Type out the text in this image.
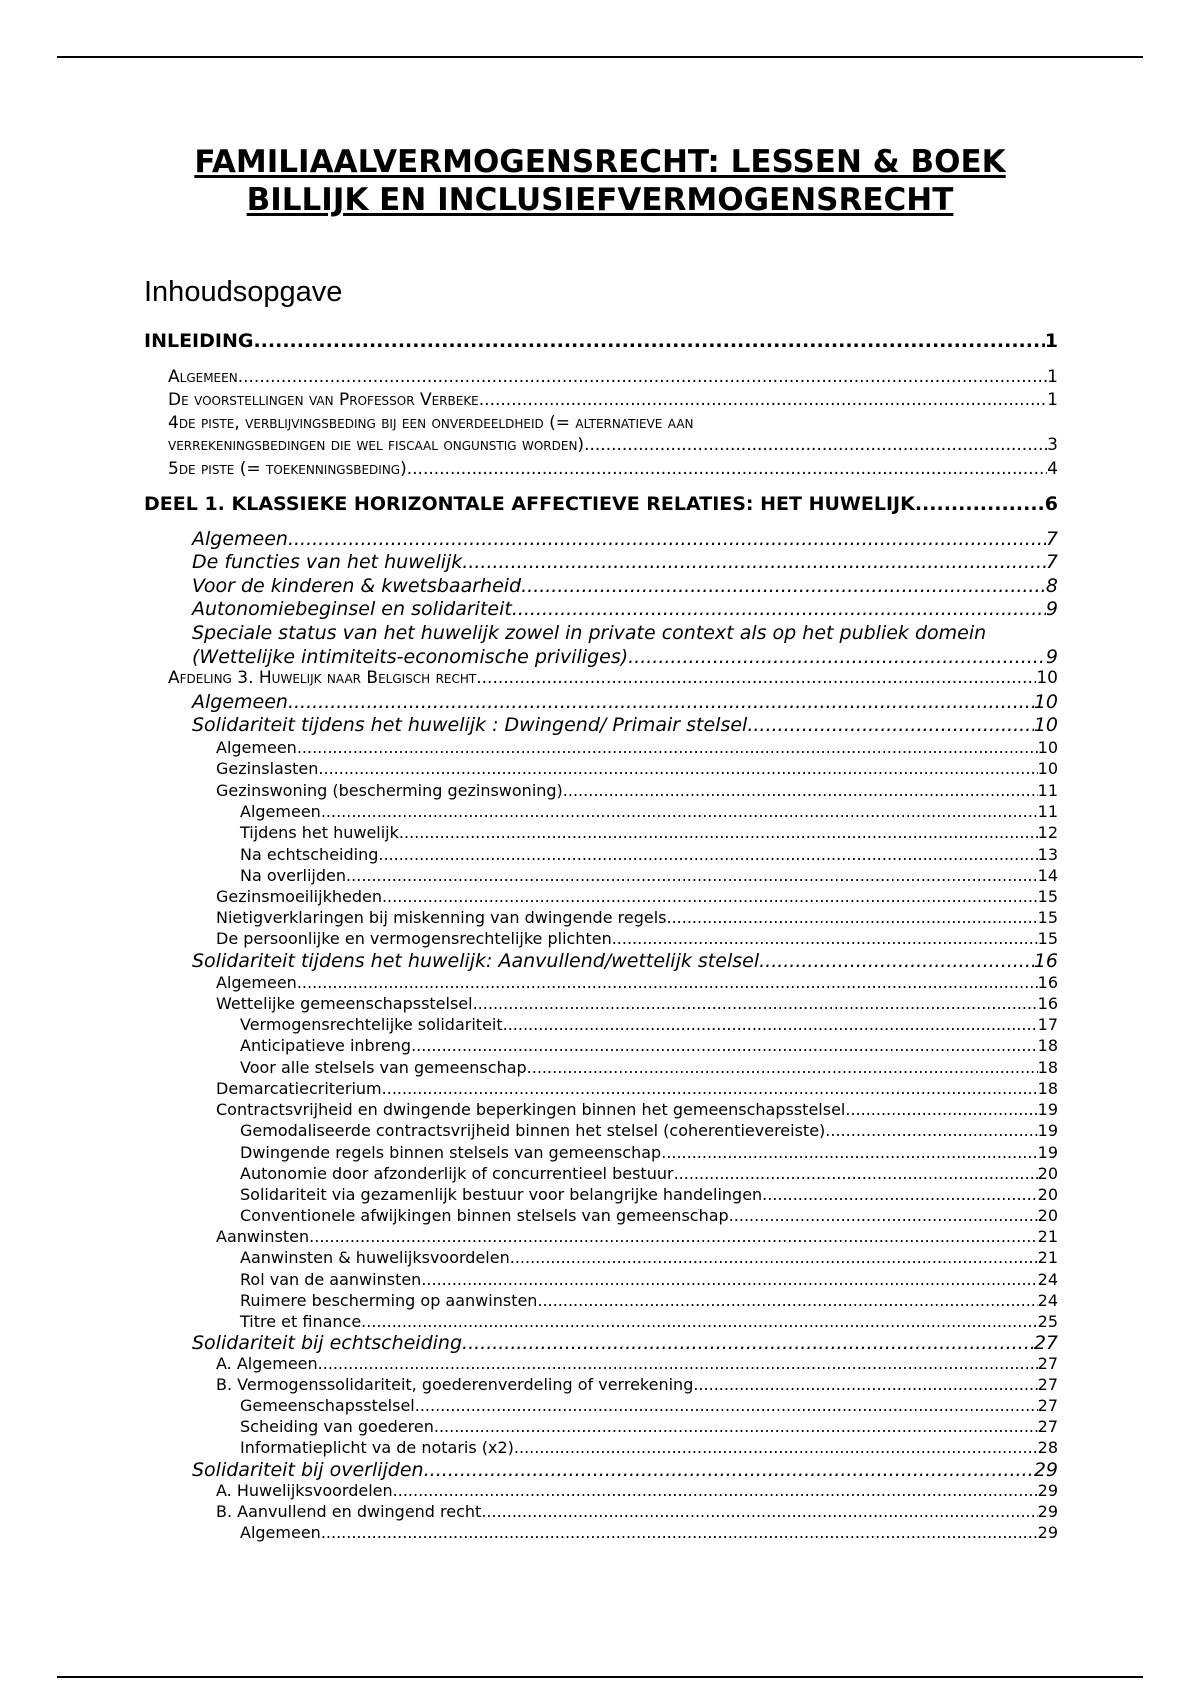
FAMILIAALVERMOGENSRECHT: LESSEN & BOEK
BILLIJK EN INCLUSIEFVERMOGENSRECHT
Inhoudsopgave
INLEIDING .....	1
Algemeen .....	1
De voorstellingen van Professor Verbeke .....	1
4de piste, verblijvingsbeding bij een onverdeeldheid (= alternatieve aan
verrekeningsbedingen die wel fiscaal ongunstig worden) .....	3
5de piste (= toekenningsbeding) .....	4
DEEL 1. KLASSIEKE HORIZONTALE AFFECTIEVE RELATIES: HET HUWELIJK .....	6
Algemeen .....	7
De functies van het huwelijk .....	7
Voor de kinderen & kwetsbaarheid .....	8
Autonomiebeginsel en solidariteit .....	9
Speciale status van het huwelijk zowel in private context als op het publiek domein
(Wettelijke intimiteits-economische priviliges) .....	9
Afdeling 3. Huwelijk naar Belgisch recht .....	10
Algemeen .....	10
Solidariteit tijdens het huwelijk : Dwingend/ Primair stelsel .....	10
Algemeen .....	10
Gezinslasten .....	10
Gezinswoning (bescherming gezinswoning) .....	11
Algemeen .....	11
Tijdens het huwelijk .....	12
Na echtscheiding .....	13
Na overlijden .....	14
Gezinsmoeilijkheden .....	15
Nietigverklaringen bij miskenning van dwingende regels .....	15
De persoonlijke en vermogensrechtelijke plichten .....	15
Solidariteit tijdens het huwelijk: Aanvullend/wettelijk stelsel .....	16
Algemeen .....	16
Wettelijke gemeenschapsstelsel .....	16
Vermogensrechtelijke solidariteit .....	17
Anticipatieve inbreng .....	18
Voor alle stelsels van gemeenschap .....	18
Demarcatiecriterium .....	18
Contractsvrijheid en dwingende beperkingen binnen het gemeenschapsstelsel .....	19
Gemodaliseerde contractsvrijheid binnen het stelsel (coherentievereiste) .....	19
Dwingende regels binnen stelsels van gemeenschap .....	19
Autonomie door afzonderlijk of concurrentieel bestuur .....	20
Solidariteit via gezamenlijk bestuur voor belangrijke handelingen .....	20
Conventionele afwijkingen binnen stelsels van gemeenschap .....	20
Aanwinsten .....	21
Aanwinsten & huwelijksvoordelen .....	21
Rol van de aanwinsten .....	24
Ruimere bescherming op aanwinsten .....	24
Titre et finance .....	25
Solidariteit bij echtscheiding .....	27
A. Algemeen .....	27
B. Vermogenssolidariteit, goederenverdeling of verrekening .....	27
Gemeenschapsstelsel .....	27
Scheiding van goederen .....	27
Informatieplicht va de notaris (x2) .....	28
Solidariteit bij overlijden .....	29
A. Huwelijksvoordelen .....	29
B. Aanvullend en dwingend recht .....	29
Algemeen .....	29
